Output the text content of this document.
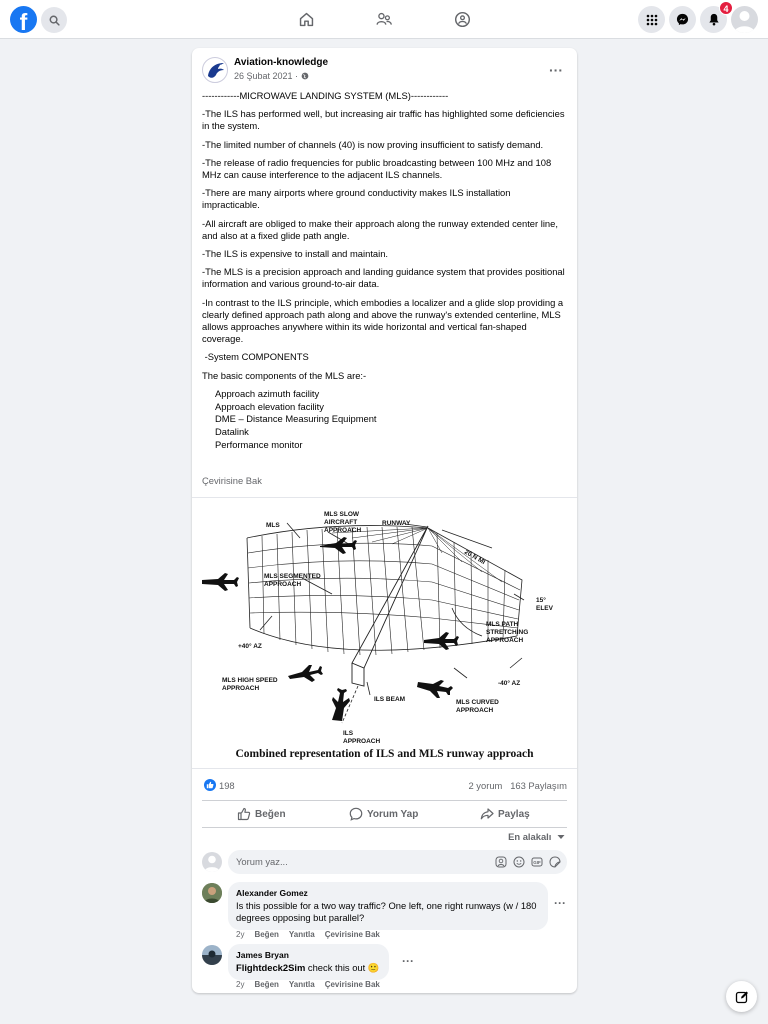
f	4
Aviation-knowledge
26 Şubat 2021 ·	···

------------MICROWAVE LANDING SYSTEM (MLS)------------

-The ILS has performed well, but increasing air traffic has highlighted some deficiencies in the system.

-The limited number of channels (40) is now proving insufficient to satisfy demand.

-The release of radio frequencies for public broadcasting between 100 MHz and 108 MHz can cause interference to the adjacent ILS channels.

-There are many airports where ground conductivity makes ILS installation impracticable.

-All aircraft are obliged to make their approach along the runway extended center line, and also at a fixed glide path angle.

-The ILS is expensive to install and maintain.

-The MLS is a precision approach and landing guidance system that provides positional information and various ground-to-air data.

-In contrast to the ILS principle, which embodies a localizer and a glide slop providing a clearly defined approach path along and above the runway's extended centerline, MLS allows approaches anywhere within its wide horizontal and vertical fan-shaped coverage.

-System COMPONENTS

The basic components of the MLS are:-

Approach azimuth facility
Approach elevation facility
DME – Distance Measuring Equipment
Datalink
Performance monitor
Çevirisine Bak
MLS
MLS SLOW
AIRCRAFT
APPROACH
RUNWAY
20 N MI
MLS SEGMENTED
APPROACH
15°
ELEV
MLS PATH
STRETCHING
APPROACH
+40° AZ
-40° AZ
MLS HIGH SPEED
APPROACH
ILS BEAM	MLS CURVED
APPROACH
ILS
APPROACH
Combined representation of ILS and MLS runway approach
198	2 yorum 163 Paylaşım
Beğen	Yorum Yap	Paylaş
En alakalı
Yorum yaz...	GIF
Alexander Gomez
Is this possible for a two way traffic? One left, one right runways (w / 180 degrees opposing but parallel?
···
2y Beğen Yanıtla Çevirisine Bak
James Bryan
Flightdeck2Sim check this out 🙂 ···
2y Beğen Yanıtla Çevirisine Bak
